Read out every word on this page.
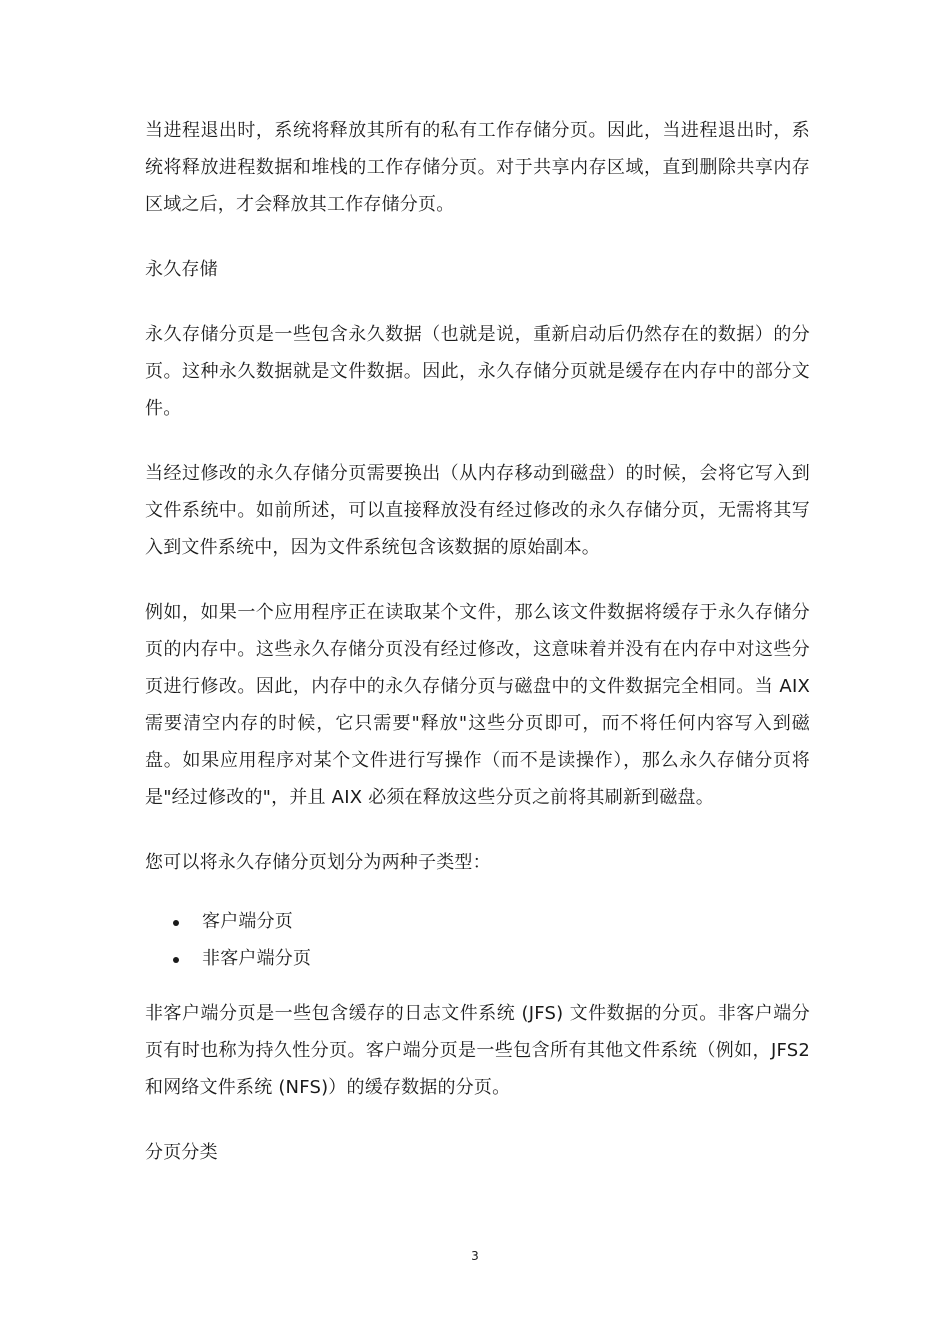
当进程退出时，系统将释放其所有的私有工作存储分页。因此，当进程退出时，系统将释放进程数据和堆栈的工作存储分页。对于共享内存区域，直到删除共享内存区域之后，才会释放其工作存储分页。

永久存储

永久存储分页是一些包含永久数据（也就是说，重新启动后仍然存在的数据）的分页。这种永久数据就是文件数据。因此，永久存储分页就是缓存在内存中的部分文件。

当经过修改的永久存储分页需要换出（从内存移动到磁盘）的时候，会将它写入到文件系统中。如前所述，可以直接释放没有经过修改的永久存储分页，无需将其写入到文件系统中，因为文件系统包含该数据的原始副本。

例如，如果一个应用程序正在读取某个文件，那么该文件数据将缓存于永久存储分页的内存中。这些永久存储分页没有经过修改，这意味着并没有在内存中对这些分页进行修改。因此，内存中的永久存储分页与磁盘中的文件数据完全相同。当 AIX 需要清空内存的时候，它只需要"释放"这些分页即可，而不将任何内容写入到磁盘。如果应用程序对某个文件进行写操作（而不是读操作），那么永久存储分页将是"经过修改的"，并且 AIX 必须在释放这些分页之前将其刷新到磁盘。

您可以将永久存储分页划分为两种子类型：

客户端分页
非客户端分页

非客户端分页是一些包含缓存的日志文件系统 (JFS) 文件数据的分页。非客户端分页有时也称为持久性分页。客户端分页是一些包含所有其他文件系统（例如，JFS2 和网络文件系统 (NFS)）的缓存数据的分页。

分页分类

3
